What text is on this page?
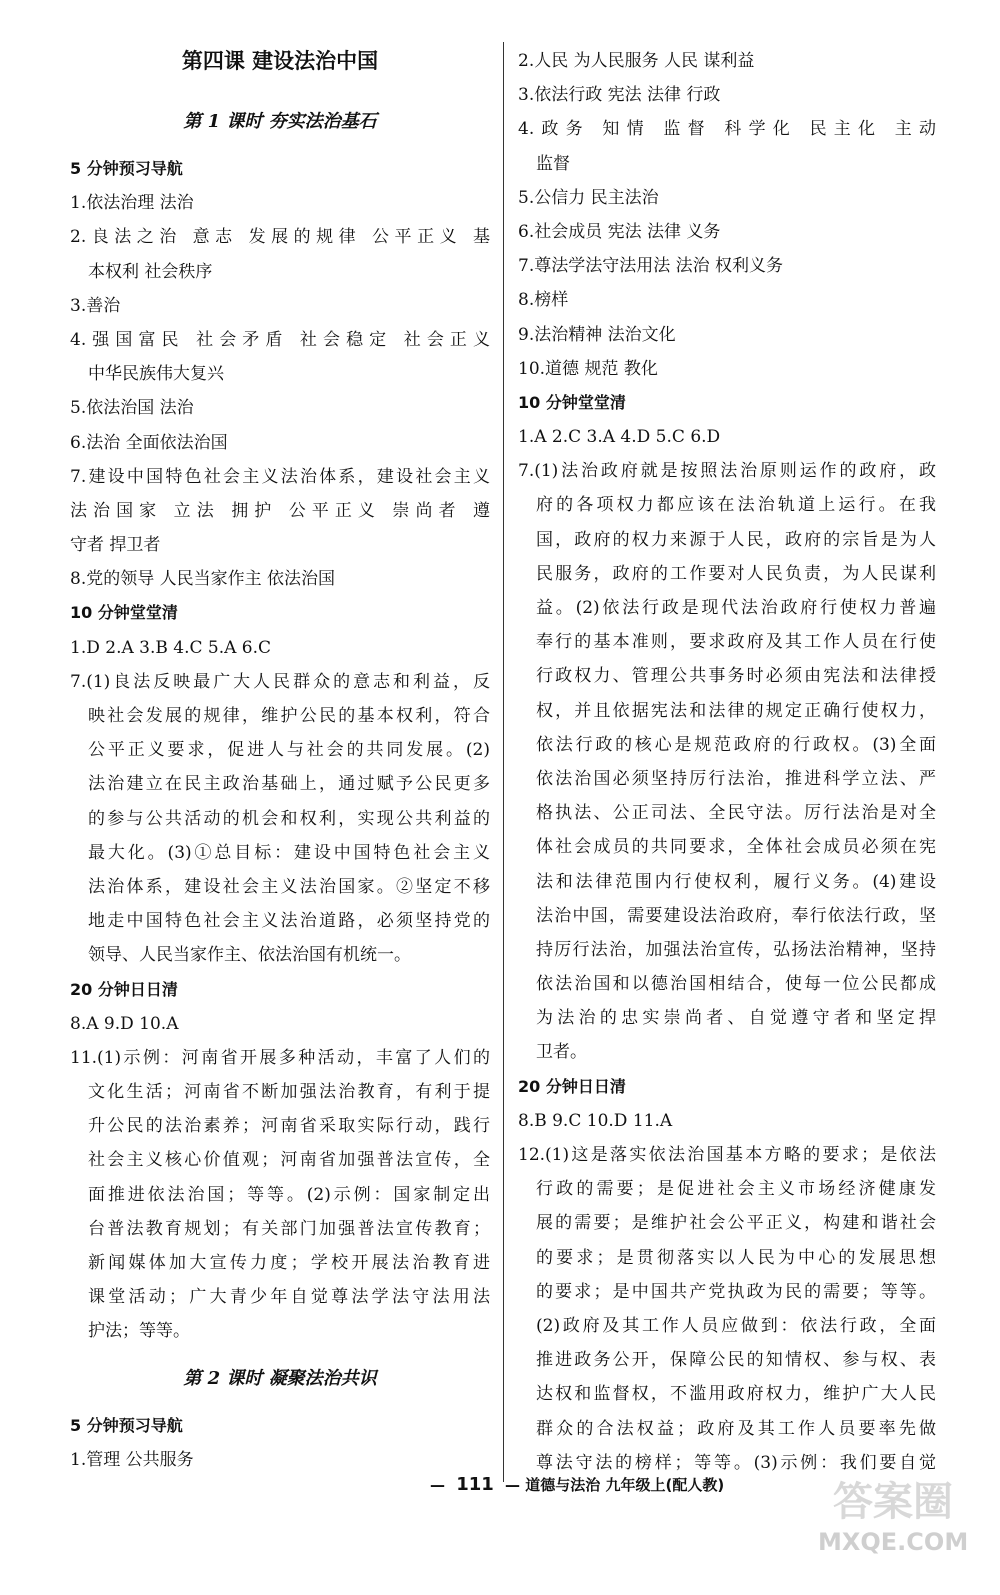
第四课 建设法治中国
第 1 课时 夯实法治基石
5 分钟预习导航
1.依法治理 法治
2.良法之治 意志 发展的规律 公平正义 基
本权利 社会秩序
3.善治
4.强国富民 社会矛盾 社会稳定 社会正义
中华民族伟大复兴
5.依法治国 法治
6.法治 全面依法治国
7.建设中国特色社会主义法治体系，建设社会主义
法治国家 立法 拥护 公平正义 崇尚者 遵
守者 捍卫者
8.党的领导 人民当家作主 依法治国
10 分钟堂堂清
1.D 2.A 3.B 4.C 5.A 6.C
7.(1)良法反映最广大人民群众的意志和利益，反
映社会发展的规律，维护公民的基本权利，符合
公平正义要求，促进人与社会的共同发展。(2)
法治建立在民主政治基础上，通过赋予公民更多
的参与公共活动的机会和权利，实现公共利益的
最大化。(3)①总目标：建设中国特色社会主义
法治体系，建设社会主义法治国家。②坚定不移
地走中国特色社会主义法治道路，必须坚持党的
领导、人民当家作主、依法治国有机统一。
20 分钟日日清
8.A 9.D 10.A
11.(1)示例：河南省开展多种活动，丰富了人们的
文化生活；河南省不断加强法治教育，有利于提
升公民的法治素养；河南省采取实际行动，践行
社会主义核心价值观；河南省加强普法宣传，全
面推进依法治国；等等。(2)示例：国家制定出
台普法教育规划；有关部门加强普法宣传教育；
新闻媒体加大宣传力度；学校开展法治教育进
课堂活动；广大青少年自觉尊法学法守法用法
护法；等等。
第 2 课时 凝聚法治共识
5 分钟预习导航
1.管理 公共服务
2.人民 为人民服务 人民 谋利益
3.依法行政 宪法 法律 行政
4.政务 知情 监督 科学化 民主化 主动
监督
5.公信力 民主法治
6.社会成员 宪法 法律 义务
7.尊法学法守法用法 法治 权利义务
8.榜样
9.法治精神 法治文化
10.道德 规范 教化
10 分钟堂堂清
1.A 2.C 3.A 4.D 5.C 6.D
7.(1)法治政府就是按照法治原则运作的政府，政
府的各项权力都应该在法治轨道上运行。在我
国，政府的权力来源于人民，政府的宗旨是为人
民服务，政府的工作要对人民负责，为人民谋利
益。(2)依法行政是现代法治政府行使权力普遍
奉行的基本准则，要求政府及其工作人员在行使
行政权力、管理公共事务时必须由宪法和法律授
权，并且依据宪法和法律的规定正确行使权力，
依法行政的核心是规范政府的行政权。(3)全面
依法治国必须坚持厉行法治，推进科学立法、严
格执法、公正司法、全民守法。厉行法治是对全
体社会成员的共同要求，全体社会成员必须在宪
法和法律范围内行使权利，履行义务。(4)建设
法治中国，需要建设法治政府，奉行依法行政，坚
持厉行法治，加强法治宣传，弘扬法治精神，坚持
依法治国和以德治国相结合，使每一位公民都成
为法治的忠实崇尚者、自觉遵守者和坚定捍
卫者。
20 分钟日日清
8.B 9.C 10.D 11.A
12.(1)这是落实依法治国基本方略的要求；是依法
行政的需要；是促进社会主义市场经济健康发
展的需要；是维护社会公平正义，构建和谐社会
的要求；是贯彻落实以人民为中心的发展思想
的要求；是中国共产党执政为民的需要；等等。
(2)政府及其工作人员应做到：依法行政，全面
推进政务公开，保障公民的知情权、参与权、表
达权和监督权，不滥用政府权力，维护广大人民
群众的合法权益；政府及其工作人员要率先做
尊法守法的榜样；等等。(3)示例：我们要自觉
— 111 — 道德与法治 九年级上(配人教)	答案圈
MXQE.COM
